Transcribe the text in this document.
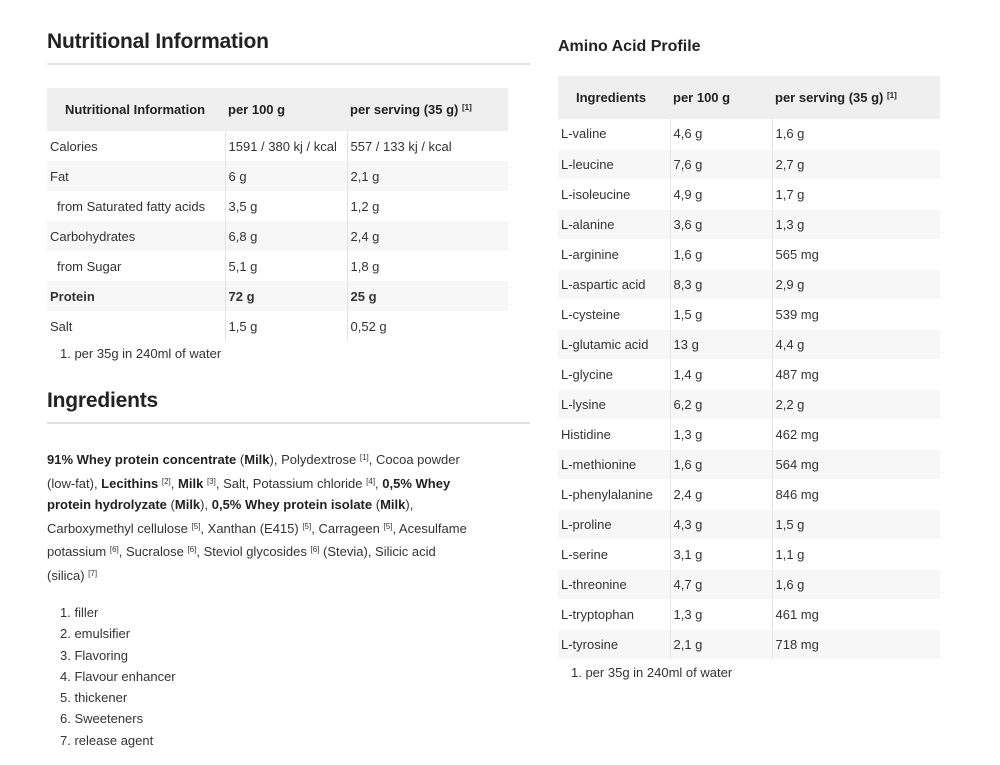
Nutritional Information
Nutritional Information	per 100 g	per serving (35 g) [1]
Calories	1591 / 380 kj / kcal	557 / 133 kj / kcal
Fat	6 g	2,1 g
from Saturated fatty acids	3,5 g	1,2 g
Carbohydrates	6,8 g	2,4 g
from Sugar	5,1 g	1,8 g
Protein	72 g	25 g
Salt	1,5 g	0,52 g
1. per 35g in 240ml of water
Ingredients
91% Whey protein concentrate (Milk), Polydextrose [1], Cocoa powder (low-fat), Lecithins [2], Milk [3], Salt, Potassium chloride [4], 0,5% Whey protein hydrolyzate (Milk), 0,5% Whey protein isolate (Milk), Carboxymethyl cellulose [5], Xanthan (E415) [5], Carrageen [5], Acesulfame potassium [6], Sucralose [6], Steviol glycosides [6] (Stevia), Silicic acid (silica) [7]
1. filler
2. emulsifier
3. Flavoring
4. Flavour enhancer
5. thickener
6. Sweeteners
7. release agent
Amino Acid Profile
Ingredients	per 100 g	per serving (35 g) [1]
L-valine	4,6 g	1,6 g
L-leucine	7,6 g	2,7 g
L-isoleucine	4,9 g	1,7 g
L-alanine	3,6 g	1,3 g
L-arginine	1,6 g	565 mg
L-aspartic acid	8,3 g	2,9 g
L-cysteine	1,5 g	539 mg
L-glutamic acid	13 g	4,4 g
L-glycine	1,4 g	487 mg
L-lysine	6,2 g	2,2 g
Histidine	1,3 g	462 mg
L-methionine	1,6 g	564 mg
L-phenylalanine	2,4 g	846 mg
L-proline	4,3 g	1,5 g
L-serine	3,1 g	1,1 g
L-threonine	4,7 g	1,6 g
L-tryptophan	1,3 g	461 mg
L-tyrosine	2,1 g	718 mg
1. per 35g in 240ml of water
